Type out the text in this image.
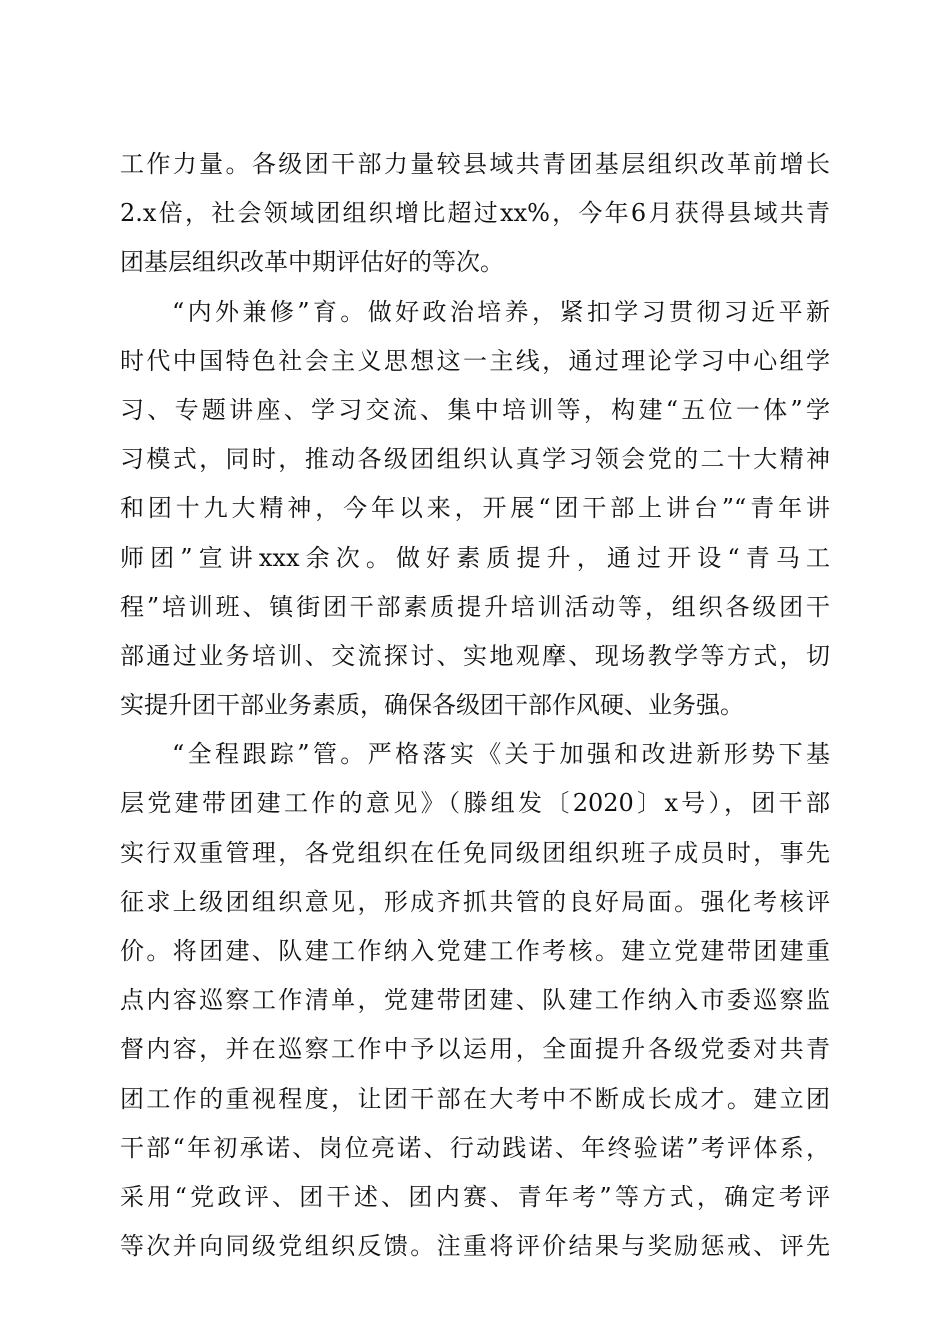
工作力量。各级团干部力量较县域共青团基层组织改革前增长
2.x倍，社会领域团组织增比超过xx%，今年6月获得县域共青
团基层组织改革中期评估好的等次。
“内外兼修”育。做好政治培养，紧扣学习贯彻习近平新
时代中国特色社会主义思想这一主线，通过理论学习中心组学
习、专题讲座、学习交流、集中培训等，构建“五位一体”学
习模式，同时，推动各级团组织认真学习领会党的二十大精神
和团十九大精神，今年以来，开展“团干部上讲台”“青年讲
师团”宣讲xxx余次。做好素质提升，通过开设“青马工
程”培训班、镇街团干部素质提升培训活动等，组织各级团干
部通过业务培训、交流探讨、实地观摩、现场教学等方式，切
实提升团干部业务素质，确保各级团干部作风硬、业务强。
“全程跟踪”管。严格落实《关于加强和改进新形势下基
层党建带团建工作的意见》（滕组发〔2020〕x号），团干部
实行双重管理，各党组织在任免同级团组织班子成员时，事先
征求上级团组织意见，形成齐抓共管的良好局面。强化考核评
价。将团建、队建工作纳入党建工作考核。建立党建带团建重
点内容巡察工作清单，党建带团建、队建工作纳入市委巡察监
督内容，并在巡察工作中予以运用，全面提升各级党委对共青
团工作的重视程度，让团干部在大考中不断成长成才。建立团
干部“年初承诺、岗位亮诺、行动践诺、年终验诺”考评体系，
采用“党政评、团干述、团内赛、青年考”等方式，确定考评
等次并向同级党组织反馈。注重将评价结果与奖励惩戒、评先
